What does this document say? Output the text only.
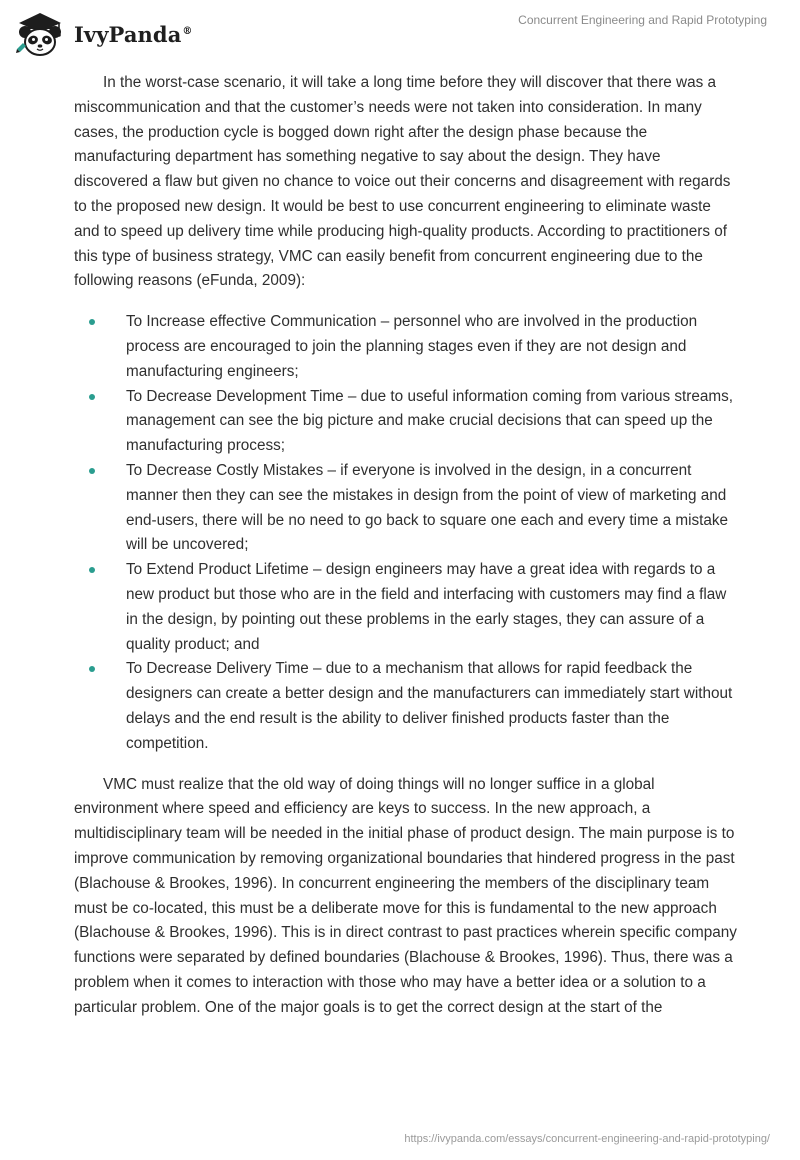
IvyPanda®
Concurrent Engineering and Rapid Prototyping

In the worst-case scenario, it will take a long time before they will discover that there was a miscommunication and that the customer’s needs were not taken into consideration. In many cases, the production cycle is bogged down right after the design phase because the manufacturing department has something negative to say about the design. They have discovered a flaw but given no chance to voice out their concerns and disagreement with regards to the proposed new design. It would be best to use concurrent engineering to eliminate waste and to speed up delivery time while producing high-quality products. According to practitioners of this type of business strategy, VMC can easily benefit from concurrent engineering due to the following reasons (eFunda, 2009):

To Increase effective Communication – personnel who are involved in the production process are encouraged to join the planning stages even if they are not design and manufacturing engineers;
To Decrease Development Time – due to useful information coming from various streams, management can see the big picture and make crucial decisions that can speed up the manufacturing process;
To Decrease Costly Mistakes – if everyone is involved in the design, in a concurrent manner then they can see the mistakes in design from the point of view of marketing and end-users, there will be no need to go back to square one each and every time a mistake will be uncovered;
To Extend Product Lifetime – design engineers may have a great idea with regards to a new product but those who are in the field and interfacing with customers may find a flaw in the design, by pointing out these problems in the early stages, they can assure of a quality product; and
To Decrease Delivery Time – due to a mechanism that allows for rapid feedback the designers can create a better design and the manufacturers can immediately start without delays and the end result is the ability to deliver finished products faster than the competition.

VMC must realize that the old way of doing things will no longer suffice in a global environment where speed and efficiency are keys to success. In the new approach, a multidisciplinary team will be needed in the initial phase of product design. The main purpose is to improve communication by removing organizational boundaries that hindered progress in the past (Blachouse & Brookes, 1996). In concurrent engineering the members of the disciplinary team must be co-located, this must be a deliberate move for this is fundamental to the new approach (Blachouse & Brookes, 1996). This is in direct contrast to past practices wherein specific company functions were separated by defined boundaries (Blachouse & Brookes, 1996). Thus, there was a problem when it comes to interaction with those who may have a better idea or a solution to a particular problem. One of the major goals is to get the correct design at the start of the

https://ivypanda.com/essays/concurrent-engineering-and-rapid-prototyping/
